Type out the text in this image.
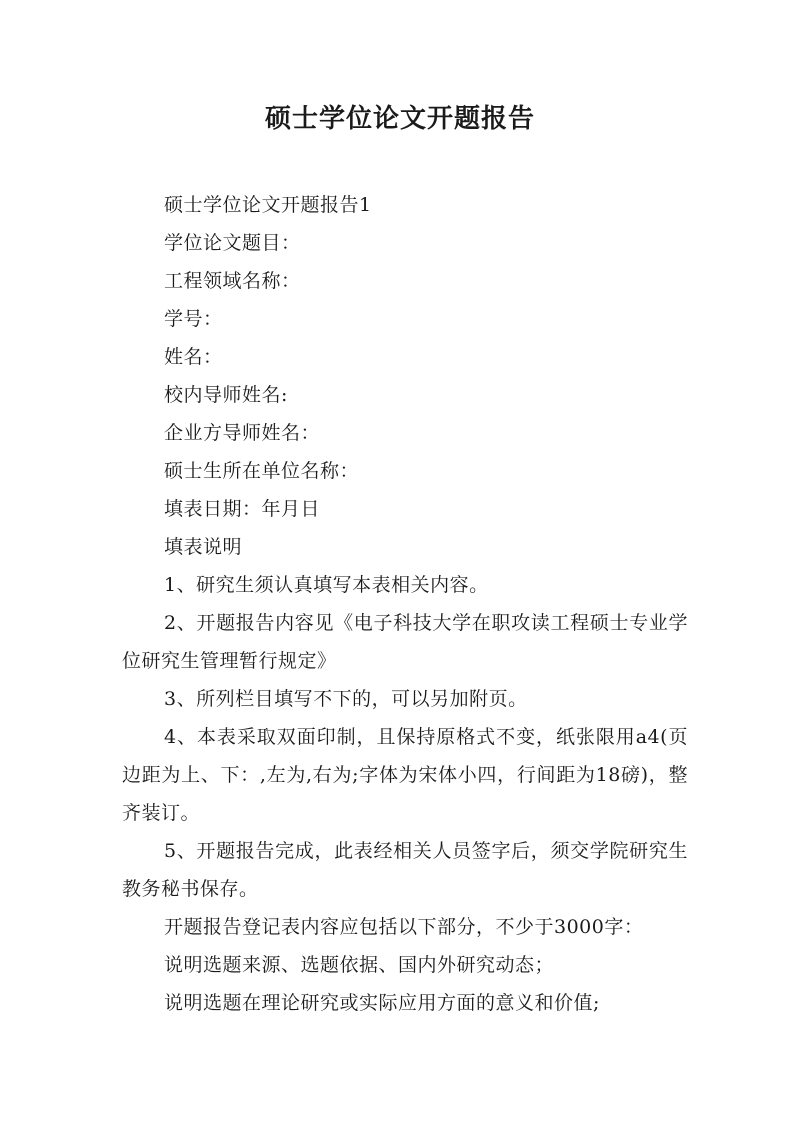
硕士学位论文开题报告

硕士学位论文开题报告1

学位论文题目：

工程领域名称：

学号：

姓名：

校内导师姓名:

企业方导师姓名：

硕士生所在单位名称：

填表日期：年月日

填表说明

1、研究生须认真填写本表相关内容。

2、开题报告内容见《电子科技大学在职攻读工程硕士专业学位研究生管理暂行规定》

3、所列栏目填写不下的，可以另加附页。

4、本表采取双面印制，且保持原格式不变，纸张限用a4(页边距为上、下：,左为,右为;字体为宋体小四，行间距为18磅)，整齐装订。

5、开题报告完成，此表经相关人员签字后，须交学院研究生教务秘书保存。

开题报告登记表内容应包括以下部分，不少于3000字：

说明选题来源、选题依据、国内外研究动态；

说明选题在理论研究或实际应用方面的意义和价值;
